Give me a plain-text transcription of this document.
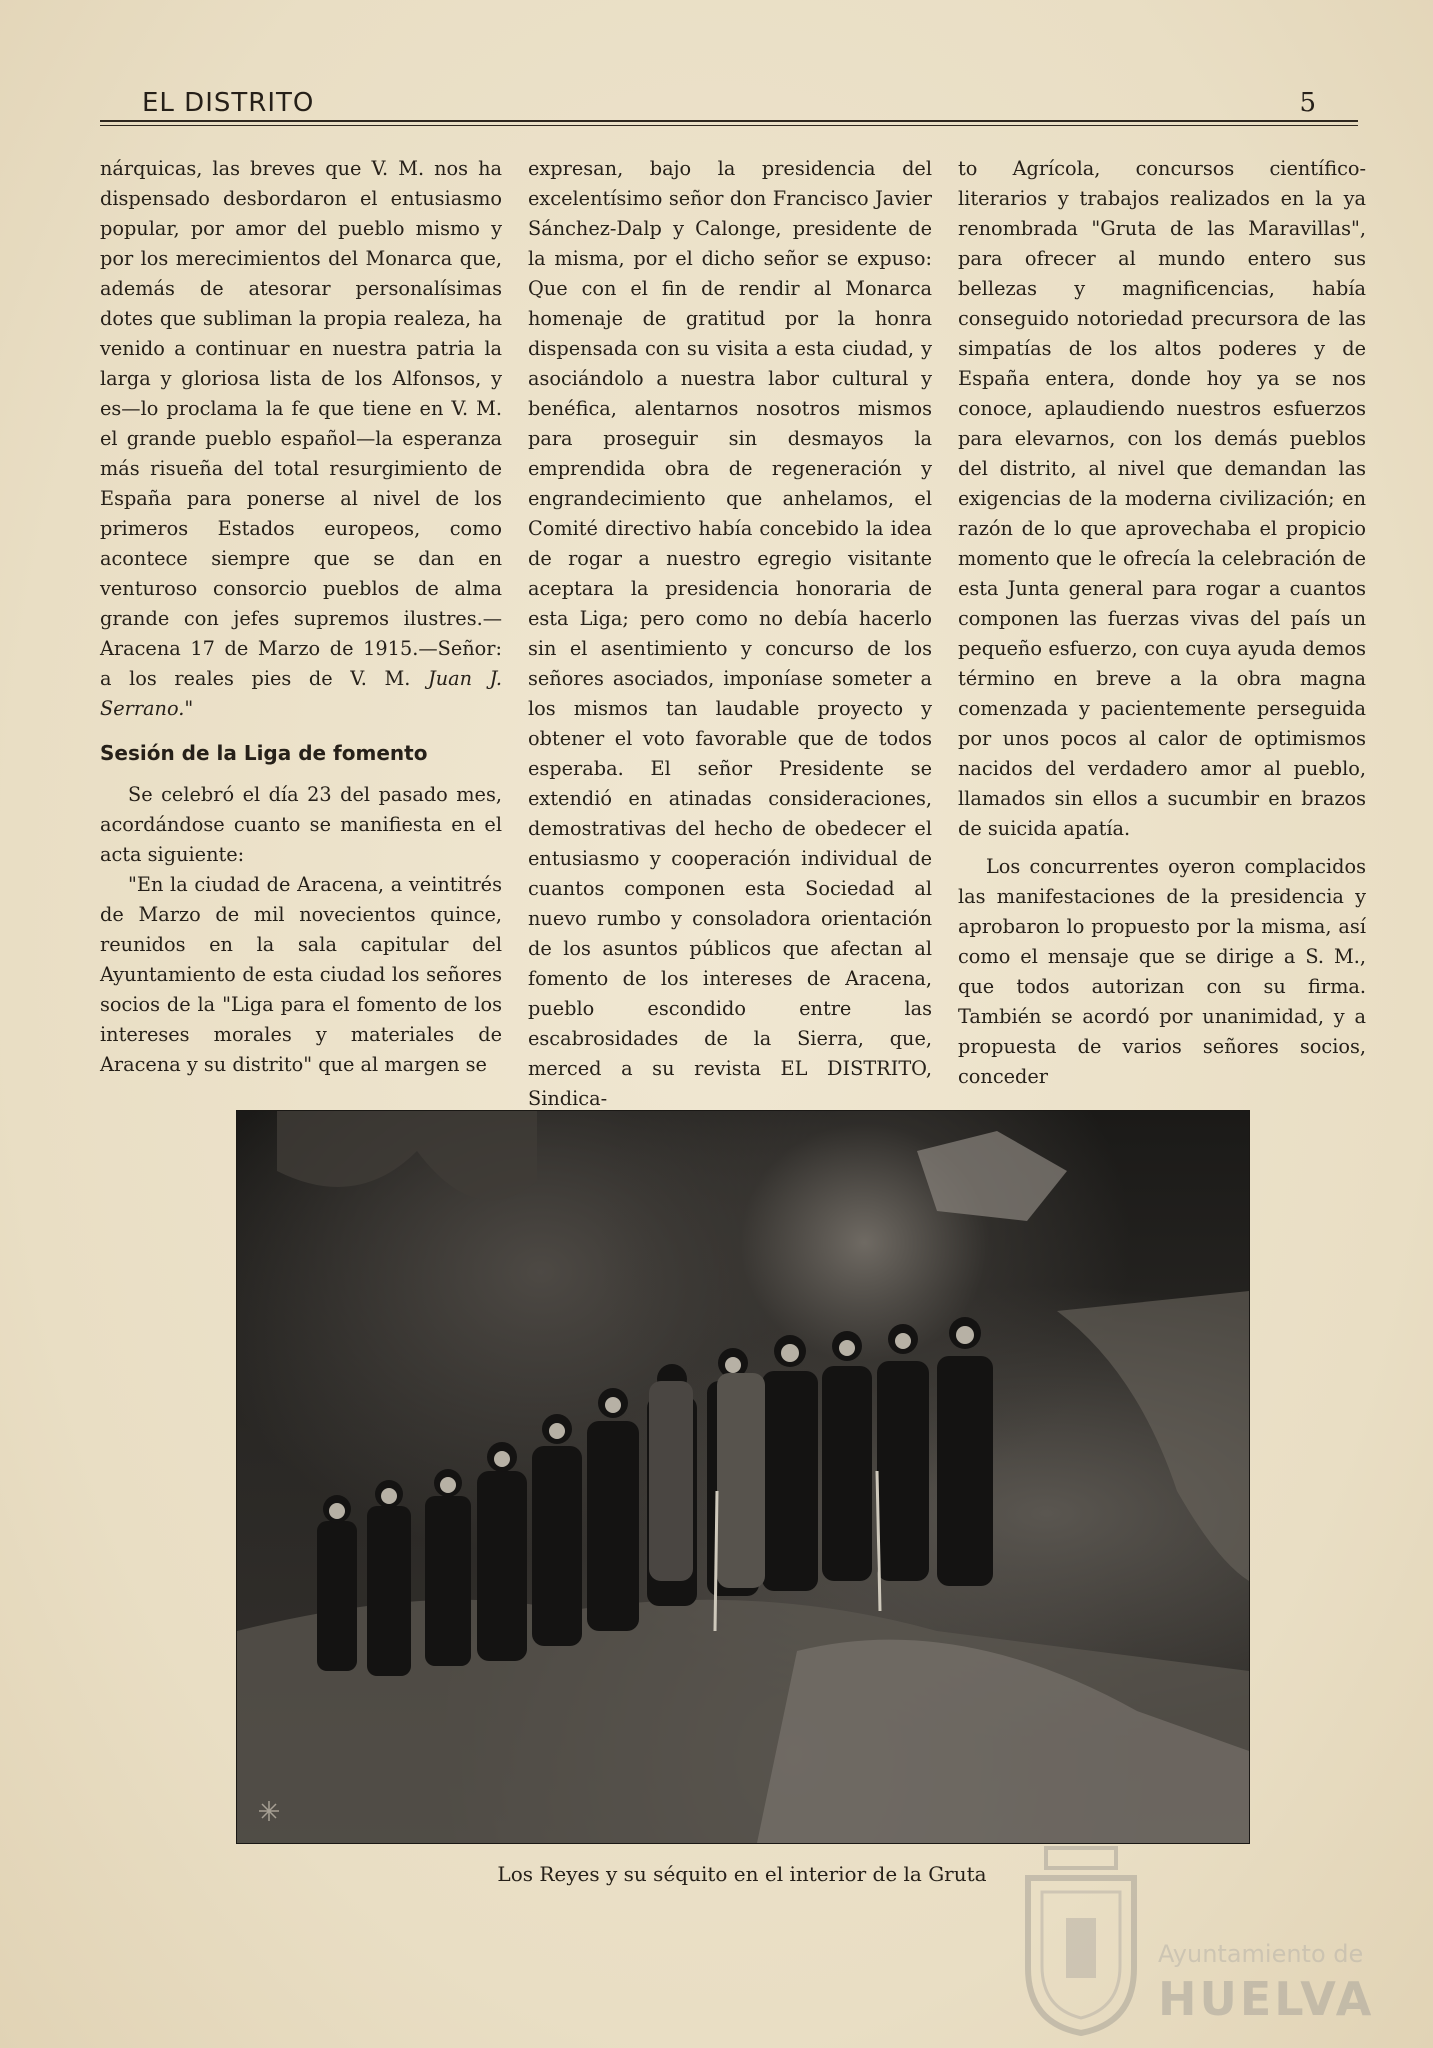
EL DISTRITO	5

nárquicas, las breves que V. M. nos ha dispensado desbordaron el entusiasmo popular, por amor del pueblo mismo y por los merecimientos del Monarca que, además de atesorar personalísimas dotes que subliman la propia realeza, ha venido a continuar en nuestra patria la larga y gloriosa lista de los Alfonsos, y es—lo proclama la fe que tiene en V. M. el grande pueblo español—la esperanza más risueña del total resurgimiento de España para ponerse al nivel de los primeros Estados europeos, como acontece siempre que se dan en venturoso consorcio pueblos de alma grande con jefes supremos ilustres.—Aracena 17 de Marzo de 1915.—Señor: a los reales pies de V. M. Juan J. Serrano."

Sesión de la Liga de fomento

Se celebró el día 23 del pasado mes, acordándose cuanto se manifiesta en el acta siguiente:

"En la ciudad de Aracena, a veintitrés de Marzo de mil novecientos quince, reunidos en la sala capitular del Ayuntamiento de esta ciudad los señores socios de la "Liga para el fomento de los intereses morales y materiales de Aracena y su distrito" que al margen se

expresan, bajo la presidencia del excelentísimo señor don Francisco Javier Sánchez-Dalp y Calonge, presidente de la misma, por el dicho señor se expuso: Que con el fin de rendir al Monarca homenaje de gratitud por la honra dispensada con su visita a esta ciudad, y asociándolo a nuestra labor cultural y benéfica, alentarnos nosotros mismos para proseguir sin desmayos la emprendida obra de regeneración y engrandecimiento que anhelamos, el Comité directivo había concebido la idea de rogar a nuestro egregio visitante aceptara la presidencia honoraria de esta Liga; pero como no debía hacerlo sin el asentimiento y concurso de los señores asociados, imponíase someter a los mismos tan laudable proyecto y obtener el voto favorable que de todos esperaba. El señor Presidente se extendió en atinadas consideraciones, demostrativas del hecho de obedecer el entusiasmo y cooperación individual de cuantos componen esta Sociedad al nuevo rumbo y consoladora orientación de los asuntos públicos que afectan al fomento de los intereses de Aracena, pueblo escondido entre las escabrosidades de la Sierra, que, merced a su revista EL DISTRITO, Sindica-

to Agrícola, concursos científico-literarios y trabajos realizados en la ya renombrada "Gruta de las Maravillas", para ofrecer al mundo entero sus bellezas y magnificencias, había conseguido notoriedad precursora de las simpatías de los altos poderes y de España entera, donde hoy ya se nos conoce, aplaudiendo nuestros esfuerzos para elevarnos, con los demás pueblos del distrito, al nivel que demandan las exigencias de la moderna civilización; en razón de lo que aprovechaba el propicio momento que le ofrecía la celebración de esta Junta general para rogar a cuantos componen las fuerzas vivas del país un pequeño esfuerzo, con cuya ayuda demos término en breve a la obra magna comenzada y pacientemente perseguida por unos pocos al calor de optimismos nacidos del verdadero amor al pueblo, llamados sin ellos a sucumbir en brazos de suicida apatía.

Los concurrentes oyeron complacidos las manifestaciones de la presidencia y aprobaron lo propuesto por la misma, así como el mensaje que se dirige a S. M., que todos autorizan con su firma. También se acordó por unanimidad, y a propuesta de varios señores socios, conceder

Los Reyes y su séquito en el interior de la Gruta
Ayuntamiento de
HUELVA
